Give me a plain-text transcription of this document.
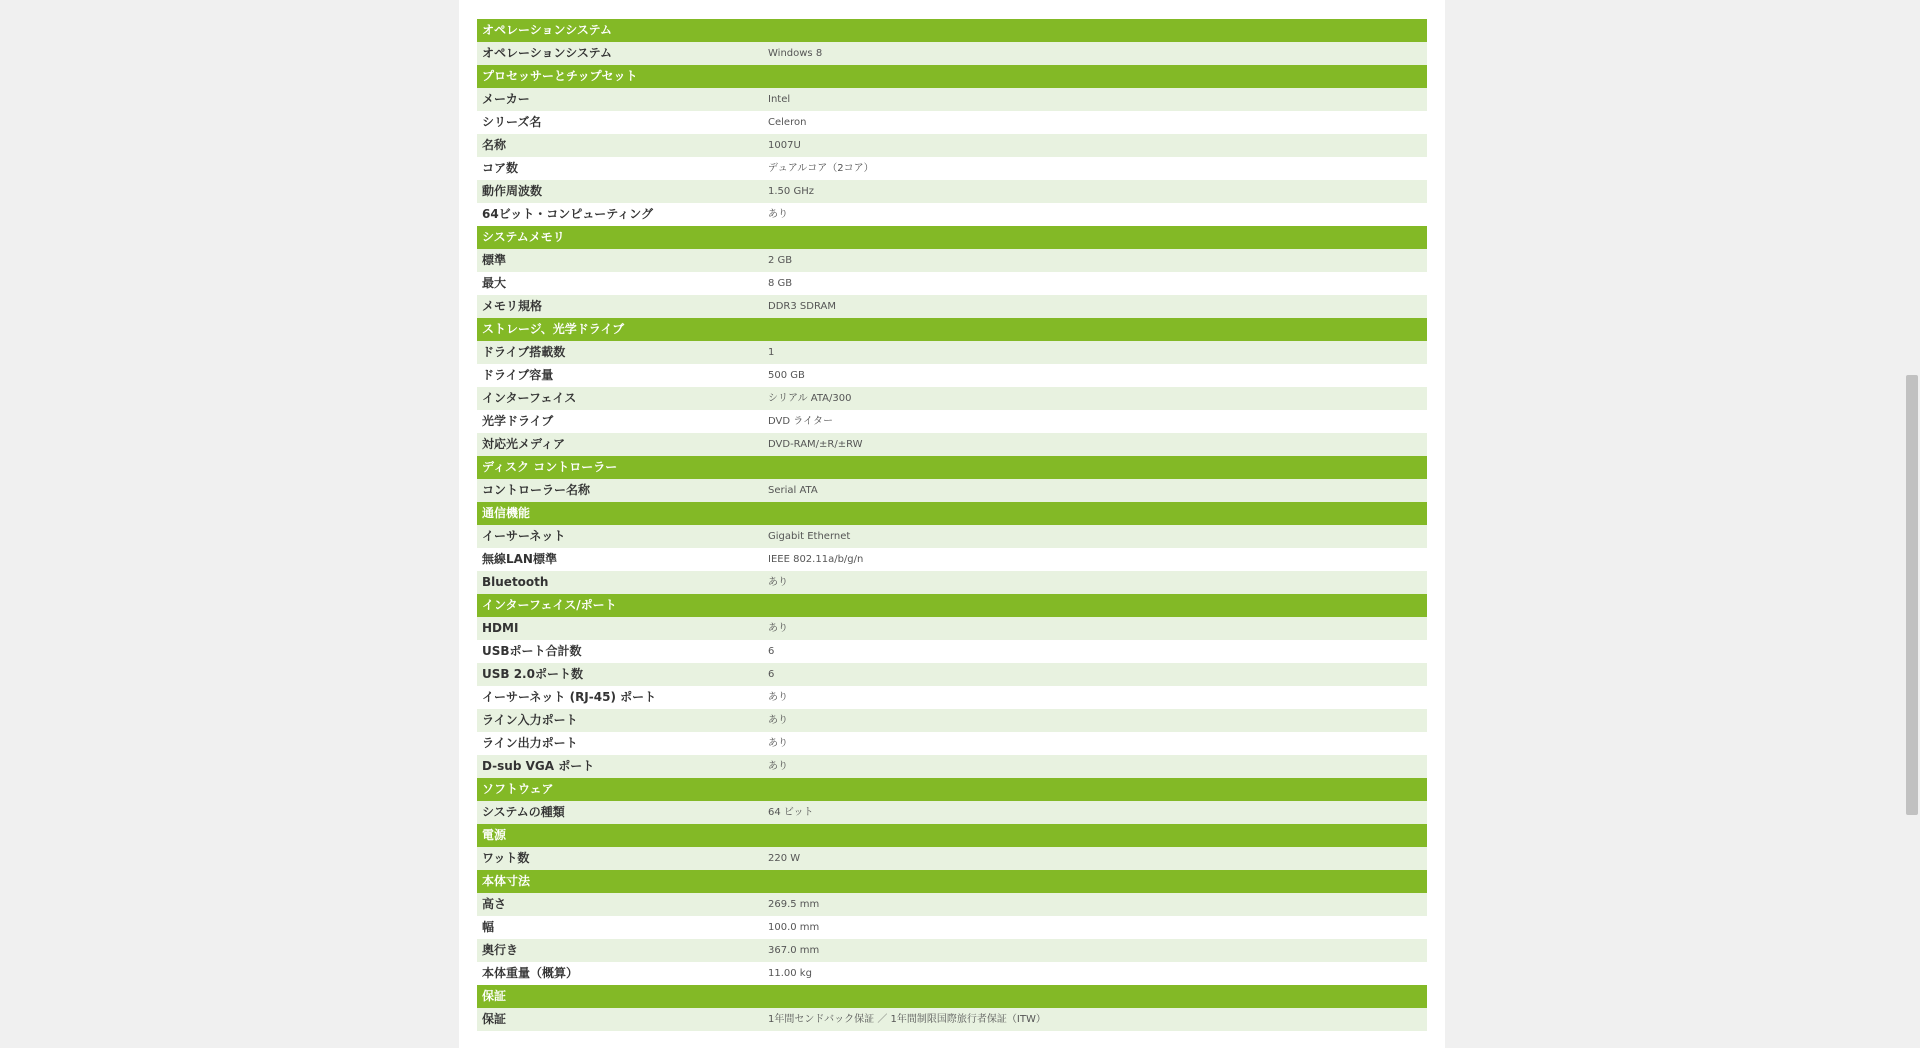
オペレーションシステム
オペレーションシステム	Windows 8
プロセッサーとチップセット
メーカー	Intel
シリーズ名	Celeron
名称	1007U
コア数	デュアルコア（2コア）
動作周波数	1.50 GHz
64ビット・コンピューティング	あり
システムメモリ
標準	2 GB
最大	8 GB
メモリ規格	DDR3 SDRAM
ストレージ、光学ドライブ
ドライブ搭載数	1
ドライブ容量	500 GB
インターフェイス	シリアル ATA/300
光学ドライブ	DVD ライター
対応光メディア	DVD-RAM/±R/±RW
ディスク コントローラー
コントローラー名称	Serial ATA
通信機能
イーサーネット	Gigabit Ethernet
無線LAN標準	IEEE 802.11a/b/g/n
Bluetooth	あり
インターフェイス/ポート
HDMI	あり
USBポート合計数	6
USB 2.0ポート数	6
イーサーネット (RJ-45) ポート	あり
ライン入力ポート	あり
ライン出力ポート	あり
D-sub VGA ポート	あり
ソフトウェア
システムの種類	64 ビット
電源
ワット数	220 W
本体寸法
高さ	269.5 mm
幅	100.0 mm
奥行き	367.0 mm
本体重量（概算）	11.00 kg
保証
保証	1年間センドバック保証 ／ 1年間制限国際旅行者保証（ITW）
